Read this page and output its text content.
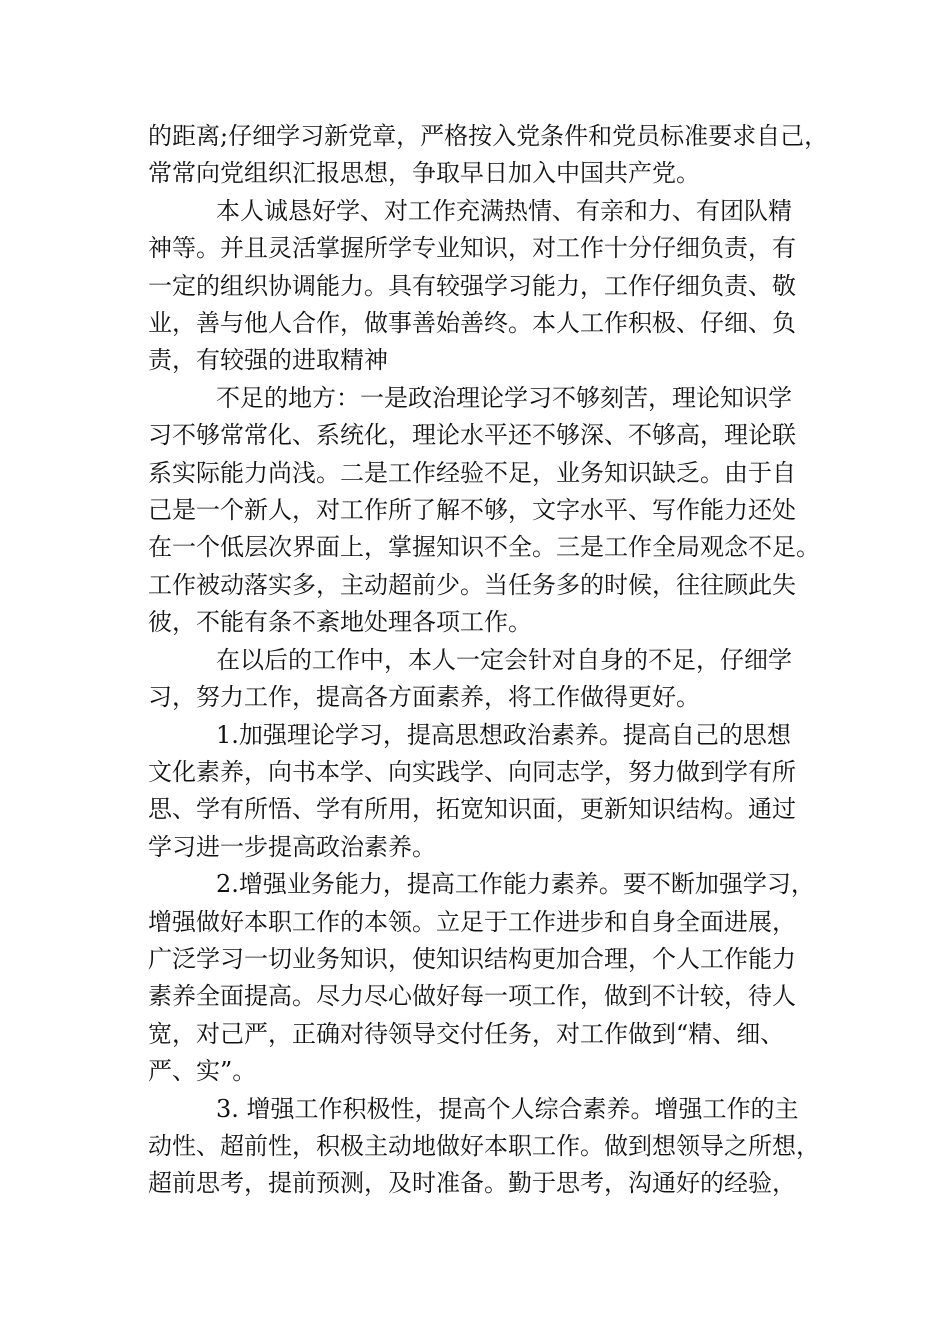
的距离;仔细学习新党章，严格按入党条件和党员标准要求自己，
常常向党组织汇报思想，争取早日加入中国共产党。

本人诚恳好学、对工作充满热情、有亲和力、有团队精
神等。并且灵活掌握所学专业知识，对工作十分仔细负责，有
一定的组织协调能力。具有较强学习能力，工作仔细负责、敬
业，善与他人合作，做事善始善终。本人工作积极、仔细、负
责，有较强的进取精神

不足的地方：一是政治理论学习不够刻苦，理论知识学
习不够常常化、系统化，理论水平还不够深、不够高，理论联
系实际能力尚浅。二是工作经验不足，业务知识缺乏。由于自
己是一个新人，对工作所了解不够，文字水平、写作能力还处
在一个低层次界面上，掌握知识不全。三是工作全局观念不足。
工作被动落实多，主动超前少。当任务多的时候，往往顾此失
彼，不能有条不紊地处理各项工作。

在以后的工作中，本人一定会针对自身的不足，仔细学
习，努力工作，提高各方面素养，将工作做得更好。

1.加强理论学习，提高思想政治素养。提高自己的思想
文化素养，向书本学、向实践学、向同志学，努力做到学有所
思、学有所悟、学有所用，拓宽知识面，更新知识结构。通过
学习进一步提高政治素养。

2.增强业务能力，提高工作能力素养。要不断加强学习，
增强做好本职工作的本领。立足于工作进步和自身全面进展，
广泛学习一切业务知识，使知识结构更加合理，个人工作能力
素养全面提高。尽力尽心做好每一项工作，做到不计较，待人
宽，对己严，正确对待领导交付任务，对工作做到“精、细、
严、实”。

3. 增强工作积极性，提高个人综合素养。增强工作的主
动性、超前性，积极主动地做好本职工作。做到想领导之所想，
超前思考，提前预测，及时准备。勤于思考，沟通好的经验，
